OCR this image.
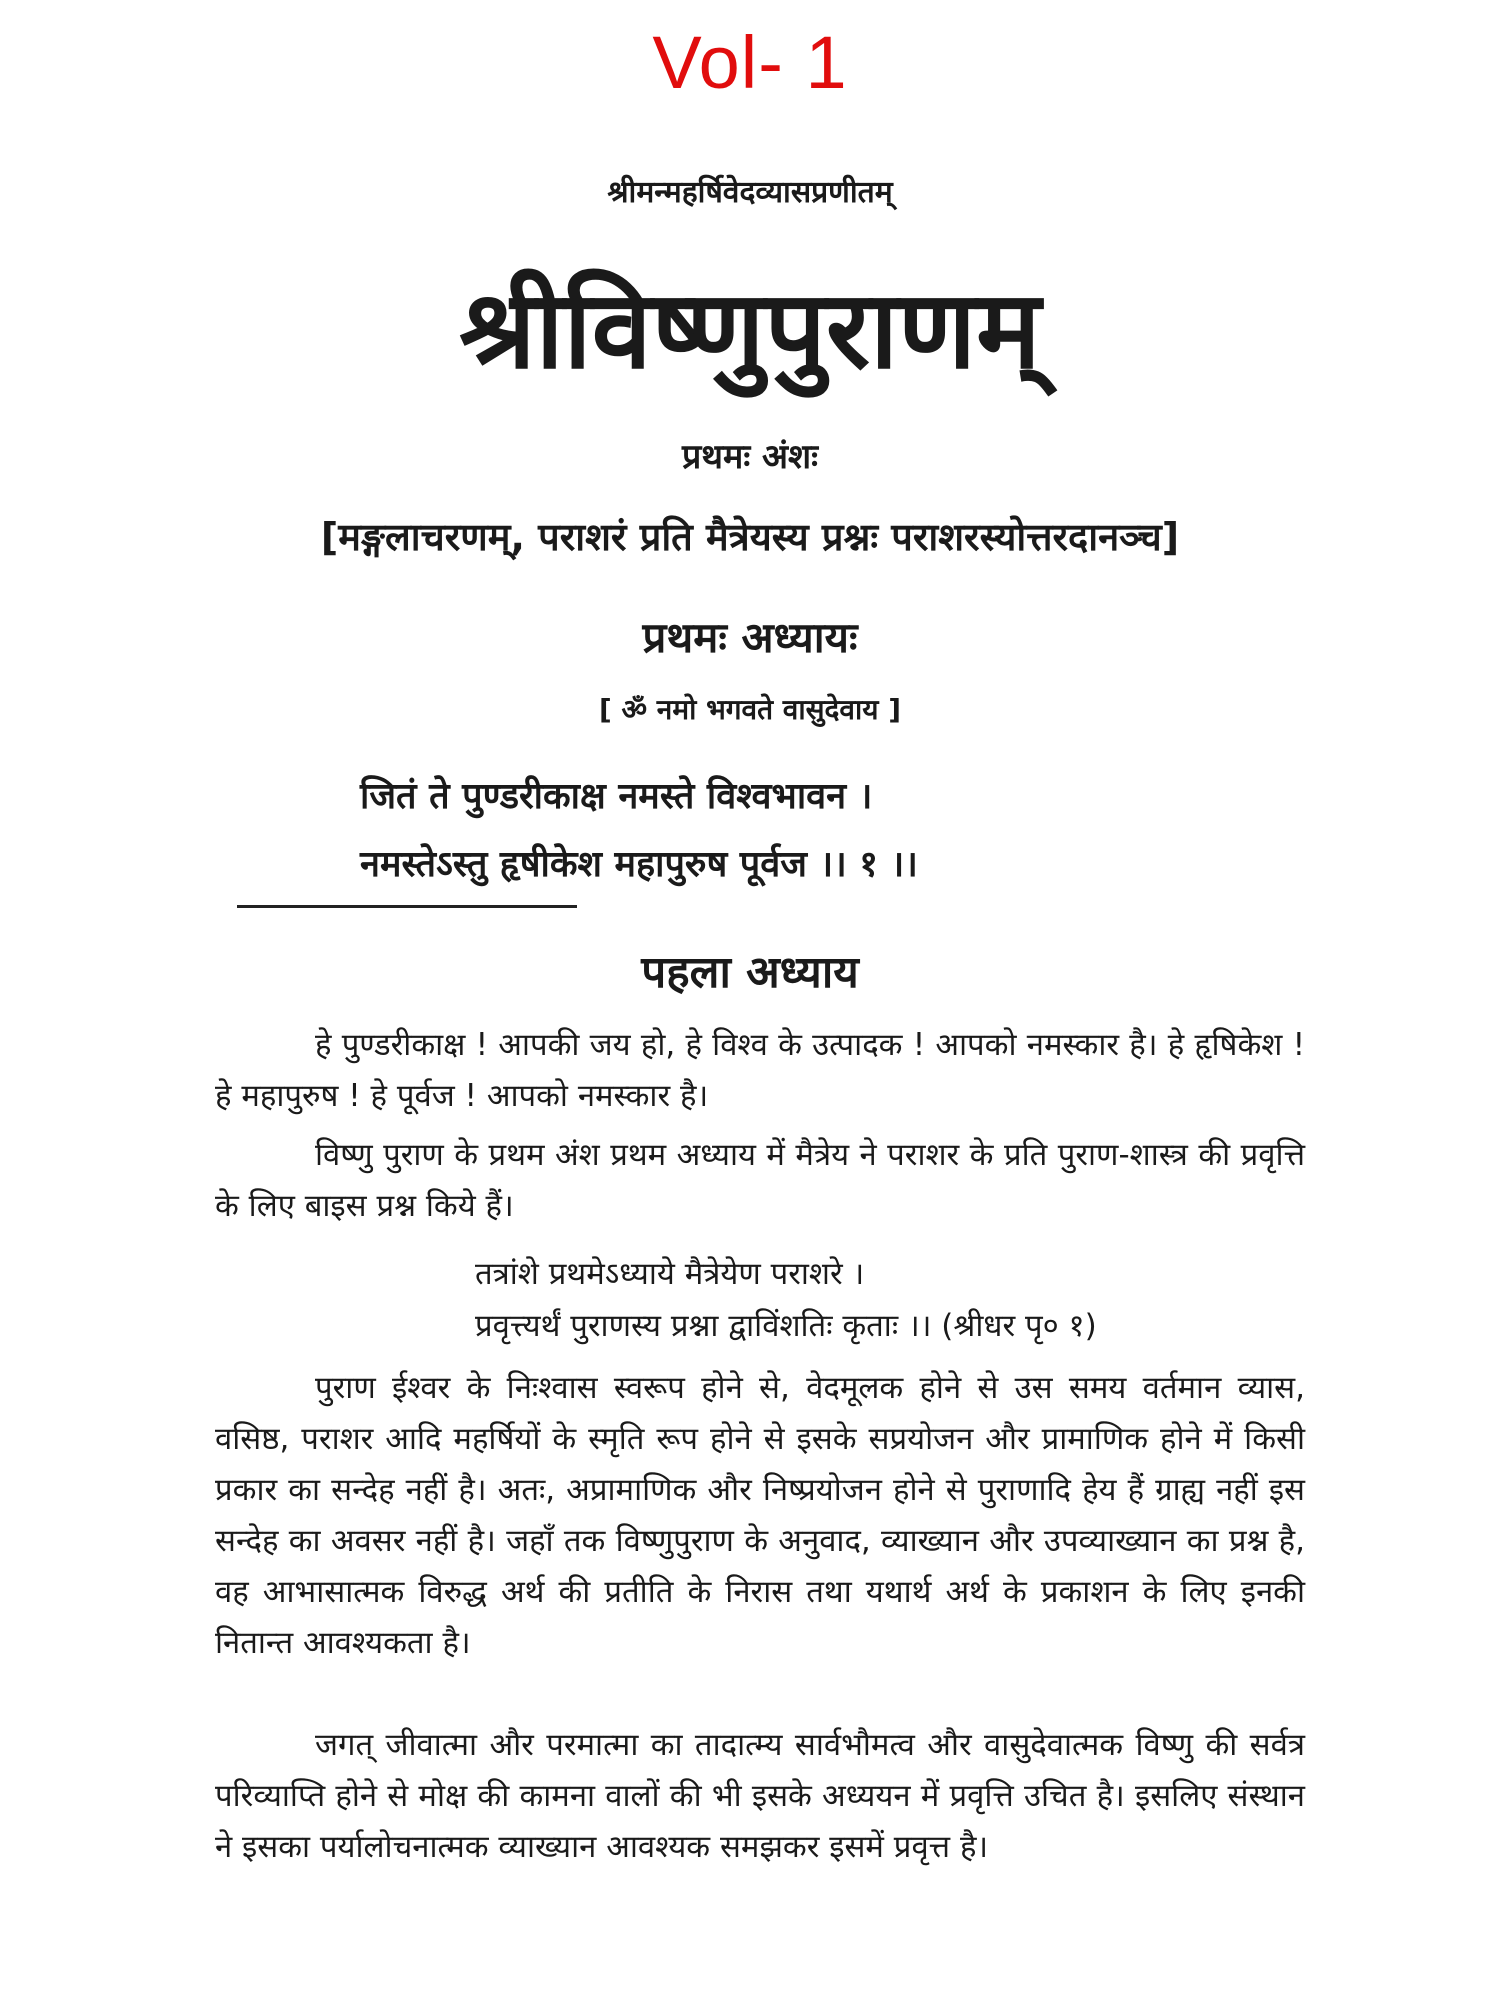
Vol- 1
श्रीमन्महर्षिवेदव्यासप्रणीतम्
श्रीविष्णुपुराणम्
प्रथमः अंशः
[मङ्गलाचरणम्, पराशरं प्रति मैत्रेयस्य प्रश्नः पराशरस्योत्तरदानञ्च]
प्रथमः अध्यायः
[ ॐ नमो भगवते वासुदेवाय ]
जितं ते पुण्डरीकाक्ष नमस्ते विश्वभावन ।
नमस्तेऽस्तु हृषीकेश महापुरुष पूर्वज ।। १ ।।
पहला अध्याय
हे पुण्डरीकाक्ष ! आपकी जय हो, हे विश्व के उत्पादक ! आपको नमस्कार है। हे हृषिकेश ! हे महापुरुष ! हे पूर्वज ! आपको नमस्कार है।
विष्णु पुराण के प्रथम अंश प्रथम अध्याय में मैत्रेय ने पराशर के प्रति पुराण-शास्त्र की प्रवृत्ति के लिए बाइस प्रश्न किये हैं।
तत्रांशे प्रथमेऽध्याये मैत्रेयेण पराशरे ।
प्रवृत्त्यर्थं पुराणस्य प्रश्ना द्वाविंशतिः कृताः ।। (श्रीधर पृ० १)
पुराण ईश्वर के निःश्वास स्वरूप होने से, वेदमूलक होने से उस समय वर्तमान व्यास, वसिष्ठ, पराशर आदि महर्षियों के स्मृति रूप होने से इसके सप्रयोजन और प्रामाणिक होने में किसी प्रकार का सन्देह नहीं है। अतः, अप्रामाणिक और निष्प्रयोजन होने से पुराणादि हेय हैं ग्राह्य नहीं इस सन्देह का अवसर नहीं है। जहाँ तक विष्णुपुराण के अनुवाद, व्याख्यान और उपव्याख्यान का प्रश्न है, वह आभासात्मक विरुद्ध अर्थ की प्रतीति के निरास तथा यथार्थ अर्थ के प्रकाशन के लिए इनकी नितान्त आवश्यकता है।
जगत् जीवात्मा और परमात्मा का तादात्म्य सार्वभौमत्व और वासुदेवात्मक विष्णु की सर्वत्र परिव्याप्ति होने से मोक्ष की कामना वालों की भी इसके अध्ययन में प्रवृत्ति उचित है। इसलिए संस्थान ने इसका पर्यालोचनात्मक व्याख्यान आवश्यक समझकर इसमें प्रवृत्त है।
